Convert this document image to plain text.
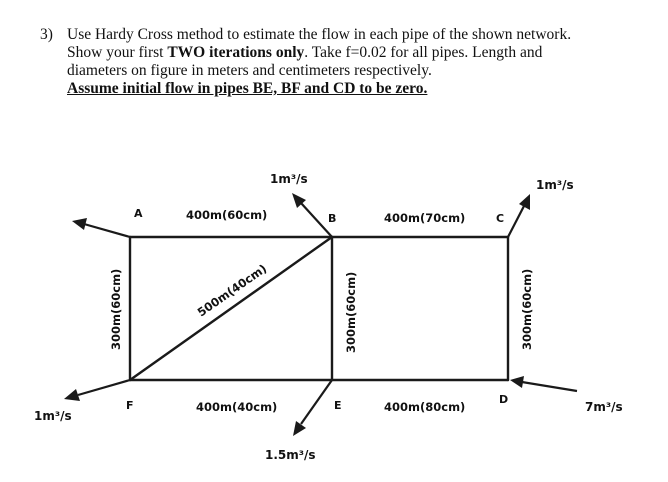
3) Use Hardy Cross method to estimate the flow in each pipe of the shown network.
Show your first TWO iterations only. Take f=0.02 for all pipes. Length and
diameters on figure in meters and centimeters respectively.
Assume initial flow in pipes BE, BF and CD to be zero.
A	B	C
F	E	D
400m(60cm)	400m(70cm)
400m(40cm)	400m(80cm)
300m(60cm)	300m(60cm)	300m(60cm)
500m(40cm)
1m³/s	1m³/s
1m³/s
1.5m³/s
7m³/s
1m³/s
